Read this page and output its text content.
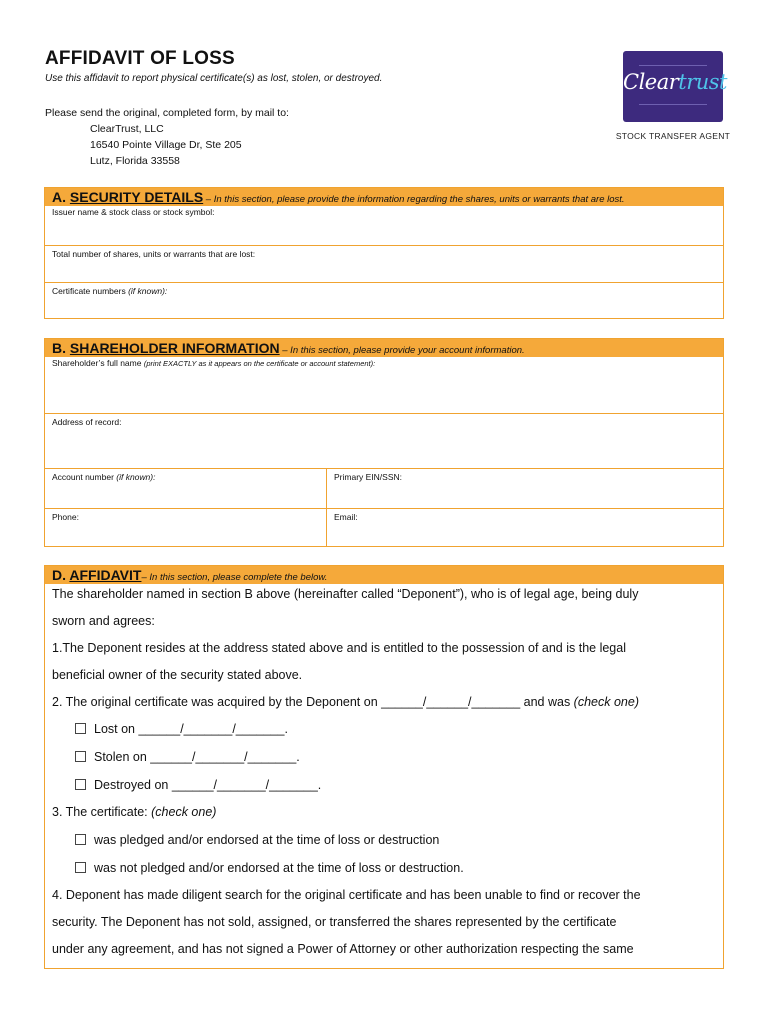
AFFIDAVIT OF LOSS
Use this affidavit to report physical certificate(s) as lost, stolen, or destroyed.
Please send the original, completed form, by mail to:
ClearTrust, LLC
16540 Pointe Village Dr, Ste 205
Lutz, Florida 33558
Cleartrust
STOCK TRANSFER AGENT
A. SECURITY DETAILS – In this section, please provide the information regarding the shares, units or warrants that are lost.
Issuer name & stock class or stock symbol:
Total number of shares, units or warrants that are lost:
Certificate numbers (if known):
B. SHAREHOLDER INFORMATION – In this section, please provide your account information.
Shareholder’s full name (print EXACTLY as it appears on the certificate or account statement):
Address of record:
Account number (if known):	Primary EIN/SSN:
Phone:	Email:
D. AFFIDAVIT– In this section, please complete the below.
The shareholder named in section B above (hereinafter called “Deponent”), who is of legal age, being duly
sworn and agrees:
1.The Deponent resides at the address stated above and is entitled to the possession of and is the legal
beneficial owner of the security stated above.
2. The original certificate was acquired by the Deponent on ______/______/_______ and was (check one)
Lost on ______/_______/_______.
Stolen on ______/_______/_______.
Destroyed on ______/_______/_______.
3. The certificate: (check one)
was pledged and/or endorsed at the time of loss or destruction
was not pledged and/or endorsed at the time of loss or destruction.
4. Deponent has made diligent search for the original certificate and has been unable to find or recover the
security. The Deponent has not sold, assigned, or transferred the shares represented by the certificate
under any agreement, and has not signed a Power of Attorney or other authorization respecting the same
